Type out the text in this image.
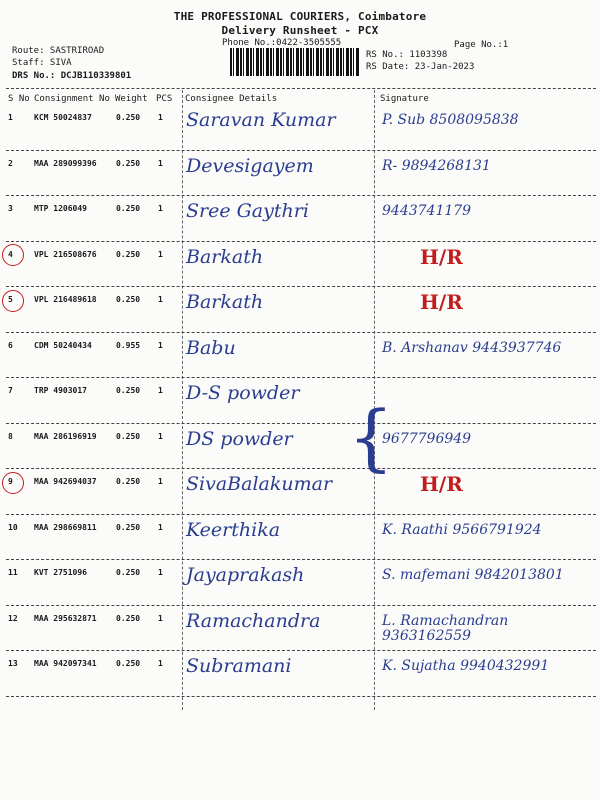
THE PROFESSIONAL COURIERS, Coimbatore
Delivery Runsheet - PCX
Phone No.:0422-3505555	Page No.:1
Route: SASTRIROAD
Staff: SIVA
DRS No.: DCJB110339801
RS No.: 1103398
RS Date: 23-Jan-2023
S No Consignment No Weight PCS Consignee Details	Signature
1	KCM 50024837	0.250 1 Saravan Kumar	P. Sub 8508095838
2	MAA 289099396 0.250 1 Devesigayem	R- 9894268131
3	MTP 1206049	0.250 1 Sree Gaythri	9443741179
4	VPL 216508676 0.250 1 Barkath	H/R
5	VPL 216489618 0.250 1 Barkath	H/R
6	CDM 50240434	0.955 1 Babu	B. Arshanav 9443937746
7	TRP 4903017	0.250 1 D-S powder
8	MAA 286196919 0.250 1 DS powder	9677796949
9	MAA 942694037 0.250 1 SivaBalakumar	H/R
10 MAA 298669811 0.250 1 Keerthika	K. Raathi 9566791924
11 KVT 2751096	0.250 1 Jayaprakash	S. mafemani 9842013801
12 MAA 295632871 0.250 1 Ramachandra	L. Ramachandran 9363162559
13 MAA 942097341 0.250 1 Subramani	K. Sujatha 9940432991
{
